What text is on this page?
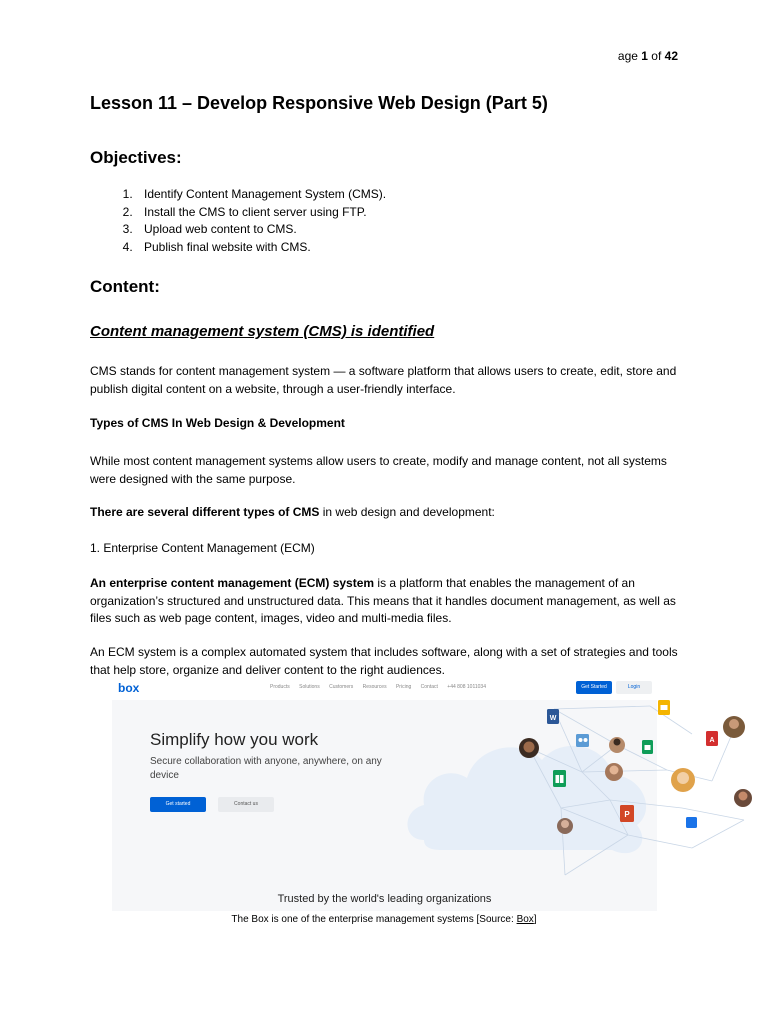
age 1 of 42
Lesson 11 – Develop Responsive Web Design (Part 5)
Objectives:
1. Identify Content Management System (CMS).
2. Install the CMS to client server using FTP.
3. Upload web content to CMS.
4. Publish final website with CMS.
Content:
Content management system (CMS) is identified

CMS stands for content management system — a software platform that allows users to create, edit, store and publish digital content on a website, through a user-friendly interface.

Types of CMS In Web Design & Development

While most content management systems allow users to create, modify and manage content, not all systems were designed with the same purpose.

There are several different types of CMS in web design and development:

1. Enterprise Content Management (ECM)

An enterprise content management (ECM) system is a platform that enables the management of an organization’s structured and unstructured data. This means that it handles document management, as well as files such as web page content, images, video and multi-media files.

An ECM system is a complex automated system that includes software, along with a set of strategies and tools that help store, organize and deliver content to the right audiences.

box	Products Solutions Customers Resources Pricing Contact +44 808 1011034	Get Started	Login
Simplify how you work
Secure collaboration with anyone, anywhere, on any device
Get started	Contact us
W
A
P
Trusted by the world's leading organizations
The Box is one of the enterprise management systems [Source: Box]
